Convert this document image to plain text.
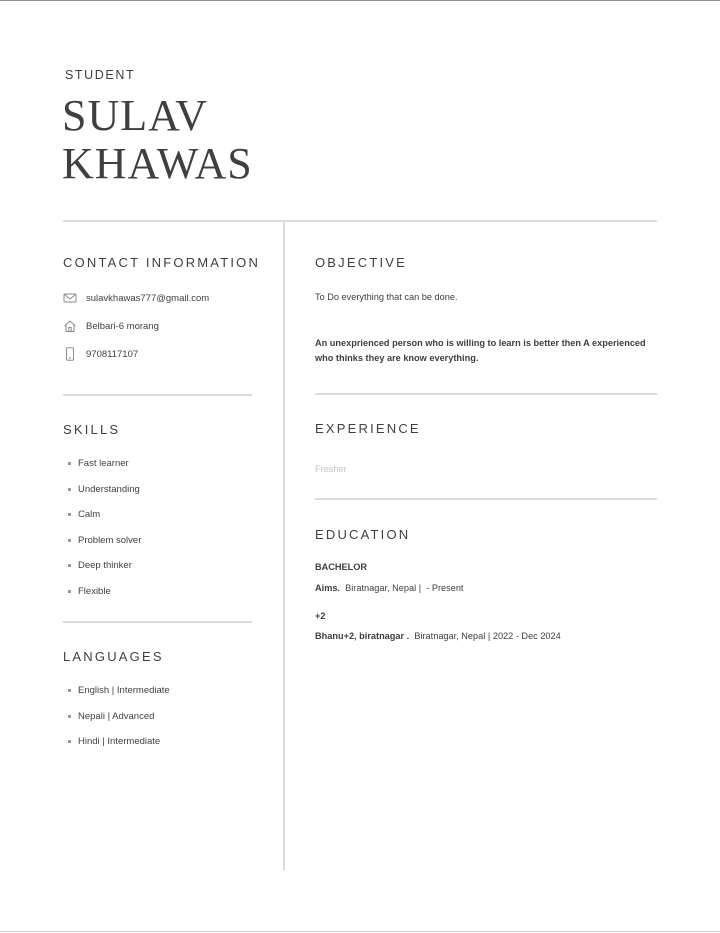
STUDENT
SULAV
KHAWAS
CONTACT INFORMATION
sulavkhawas777@gmail.com
Belbari-6 morang
9708117107
SKILLS
Fast learner
Understanding
Calm
Problem solver
Deep thinker
Flexible
LANGUAGES
English | Intermediate
Nepali | Advanced
Hindi | Intermediate
OBJECTIVE
To Do everything that can be done.
An unexprienced person who is willing to learn is better then A experienced who thinks they are know everything.
EXPERIENCE
Fresher
EDUCATION
BACHELOR
Aims. Biratnagar, Nepal | - Present
+2
Bhanu+2, biratnagar . Biratnagar, Nepal | 2022 - Dec 2024
